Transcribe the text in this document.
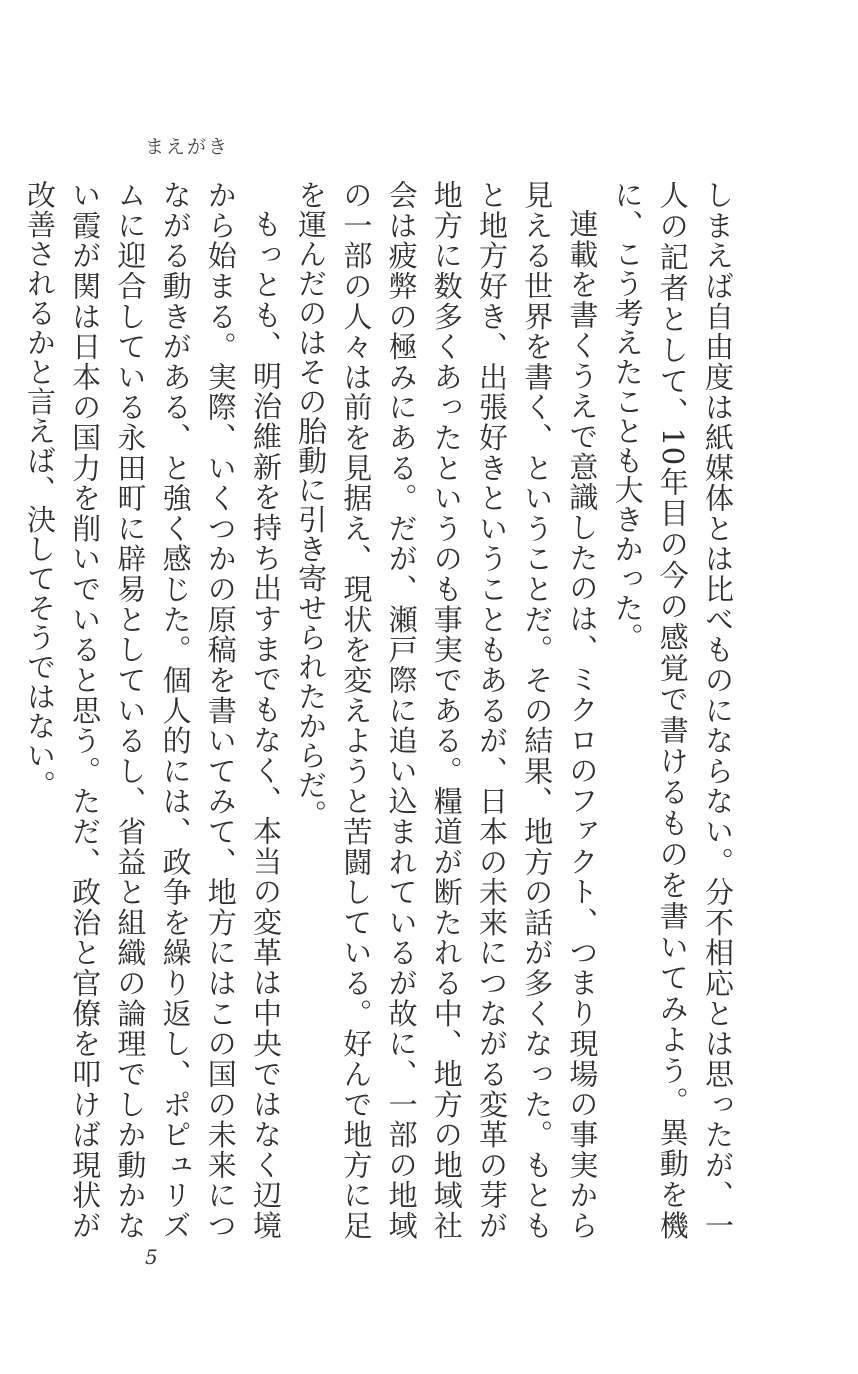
まえがき

しまえば自由度は紙媒体とは比べものにならない。分不相応とは思ったが、一人の記者として、10年目の今の感覚で書けるものを書いてみよう。異動を機に、こう考えたことも大きかった。

連載を書くうえで意識したのは、ミクロのファクト、つまり現場の事実から見える世界を書く、ということだ。その結果、地方の話が多くなった。もともと地方好き、出張好きということもあるが、日本の未来につながる変革の芽が地方に数多くあったというのも事実である。糧道が断たれる中、地方の地域社会は疲弊の極みにある。だが、瀬戸際に追い込まれているが故に、一部の地域の一部の人々は前を見据え、現状を変えようと苦闘している。好んで地方に足を運んだのはその胎動に引き寄せられたからだ。

もっとも、明治維新を持ち出すまでもなく、本当の変革は中央ではなく辺境から始まる。実際、いくつかの原稿を書いてみて、地方にはこの国の未来につながる動きがある、と強く感じた。個人的には、政争を繰り返し、ポピュリズムに迎合している永田町に辟易としているし、省益と組織の論理でしか動かない霞が関は日本の国力を削いでいると思う。ただ、政治と官僚を叩けば現状が改善されるかと言えば、決してそうではない。

5
